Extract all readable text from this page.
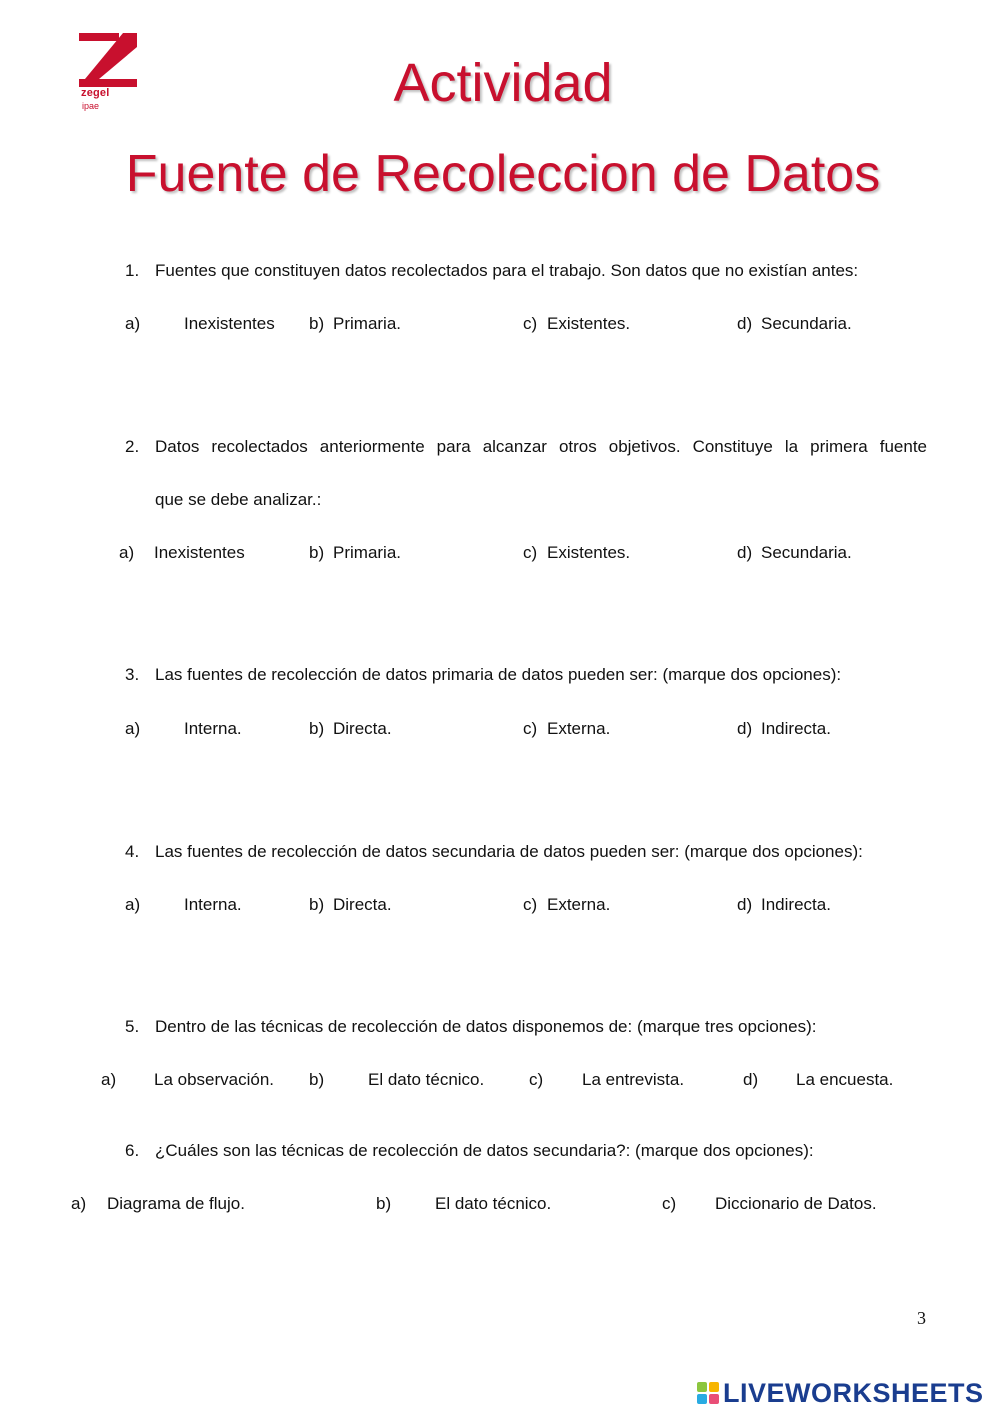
zegel
ipae	Actividad
Fuente de Recoleccion de Datos
1. Fuentes que constituyen datos recolectados para el trabajo. Son datos que no existían antes:
a)	Inexistentes b) Primaria.	c) Existentes.	d) Secundaria.
2. Datos recolectados anteriormente para alcanzar otros objetivos. Constituye la primera fuente
que se debe analizar.:
a) Inexistentes	b) Primaria.	c) Existentes.	d) Secundaria.
3. Las fuentes de recolección de datos primaria de datos pueden ser: (marque dos opciones):
a)	Interna.	b) Directa.	c) Externa.	d) Indirecta.
4. Las fuentes de recolección de datos secundaria de datos pueden ser: (marque dos opciones):
a)	Interna.	b) Directa.	c) Externa.	d) Indirecta.
5. Dentro de las técnicas de recolección de datos disponemos de: (marque tres opciones):
a) La observación. b)	El dato técnico.	c) La entrevista.	d) La encuesta.
6. ¿Cuáles son las técnicas de recolección de datos secundaria?: (marque dos opciones):
a) Diagrama de flujo.	b)	El dato técnico.	c) Diccionario de Datos.
3
LIVEWORKSHEETS
